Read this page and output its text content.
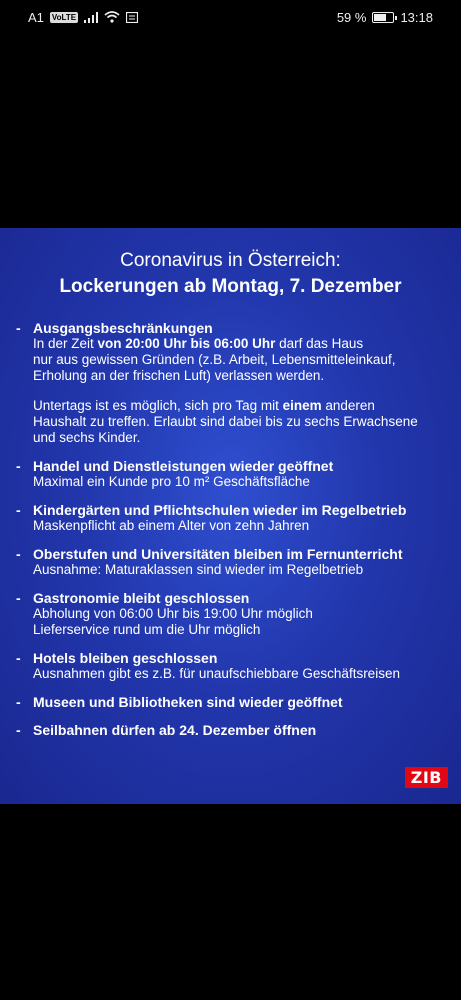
A1 VoLTE	59 %	13:18
Coronavirus in Österreich:
Lockerungen ab Montag, 7. Dezember
- Ausgangsbeschränkungen
In der Zeit von 20:00 Uhr bis 06:00 Uhr darf das Haus
nur aus gewissen Gründen (z.B. Arbeit, Lebensmitteleinkauf,
Erholung an der frischen Luft) verlassen werden.
Untertags ist es möglich, sich pro Tag mit einem anderen
Haushalt zu treffen. Erlaubt sind dabei bis zu sechs Erwachsene
und sechs Kinder.
- Handel und Dienstleistungen wieder geöffnet
Maximal ein Kunde pro 10 m² Geschäftsfläche
- Kindergärten und Pflichtschulen wieder im Regelbetrieb
Maskenpflicht ab einem Alter von zehn Jahren
- Oberstufen und Universitäten bleiben im Fernunterricht
Ausnahme: Maturaklassen sind wieder im Regelbetrieb
- Gastronomie bleibt geschlossen
Abholung von 06:00 Uhr bis 19:00 Uhr möglich
Lieferservice rund um die Uhr möglich
- Hotels bleiben geschlossen
Ausnahmen gibt es z.B. für unaufschiebbare Geschäftsreisen
- Museen und Bibliotheken sind wieder geöffnet
- Seilbahnen dürfen ab 24. Dezember öffnen
ZIB
